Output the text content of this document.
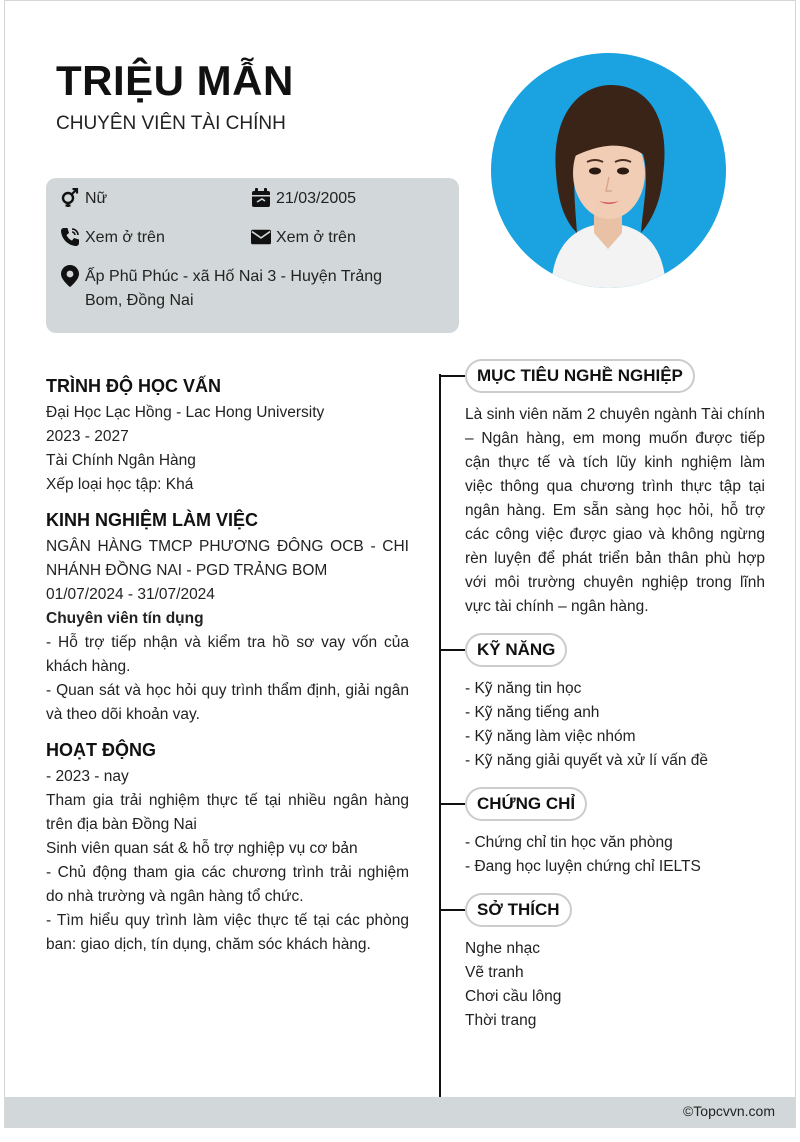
TRIỆU MẪN
CHUYÊN VIÊN TÀI CHÍNH
Nữ	21/03/2005
Xem ở trên	Xem ở trên
Ấp Phũ Phúc - xã Hố Nai 3 - Huyện Trảng Bom, Đồng Nai
TRÌNH ĐỘ HỌC VẤN
Đại Học Lạc Hồng - Lac Hong University
2023 - 2027
Tài Chính Ngân Hàng
Xếp loại học tập: Khá
KINH NGHIỆM LÀM VIỆC
NGÂN HÀNG TMCP PHƯƠNG ĐÔNG OCB - CHI NHÁNH ĐỒNG NAI - PGD TRẢNG BOM
01/07/2024 - 31/07/2024
Chuyên viên tín dụng
- Hỗ trợ tiếp nhận và kiểm tra hồ sơ vay vốn của khách hàng.
- Quan sát và học hỏi quy trình thẩm định, giải ngân và theo dõi khoản vay.
HOẠT ĐỘNG
- 2023 - nay
Tham gia trải nghiệm thực tế tại nhiều ngân hàng trên địa bàn Đồng Nai
Sinh viên quan sát & hỗ trợ nghiệp vụ cơ bản
- Chủ động tham gia các chương trình trải nghiệm do nhà trường và ngân hàng tổ chức.
- Tìm hiểu quy trình làm việc thực tế tại các phòng ban: giao dịch, tín dụng, chăm sóc khách hàng.
MỤC TIÊU NGHỀ NGHIỆP
Là sinh viên năm 2 chuyên ngành Tài chính – Ngân hàng, em mong muốn được tiếp cận thực tế và tích lũy kinh nghiệm làm việc thông qua chương trình thực tập tại ngân hàng. Em sẵn sàng học hỏi, hỗ trợ các công việc được giao và không ngừng rèn luyện để phát triển bản thân phù hợp với môi trường chuyên nghiệp trong lĩnh vực tài chính – ngân hàng.
KỸ NĂNG
- Kỹ năng tin học
- Kỹ năng tiếng anh
- Kỹ năng làm việc nhóm
- Kỹ năng giải quyết và xử lí vấn đề
CHỨNG CHỈ
- Chứng chỉ tin học văn phòng
- Đang học luyện chứng chỉ IELTS
SỞ THÍCH
Nghe nhạc
Vẽ tranh
Chơi cầu lông
Thời trang
©Topcvvn.com
